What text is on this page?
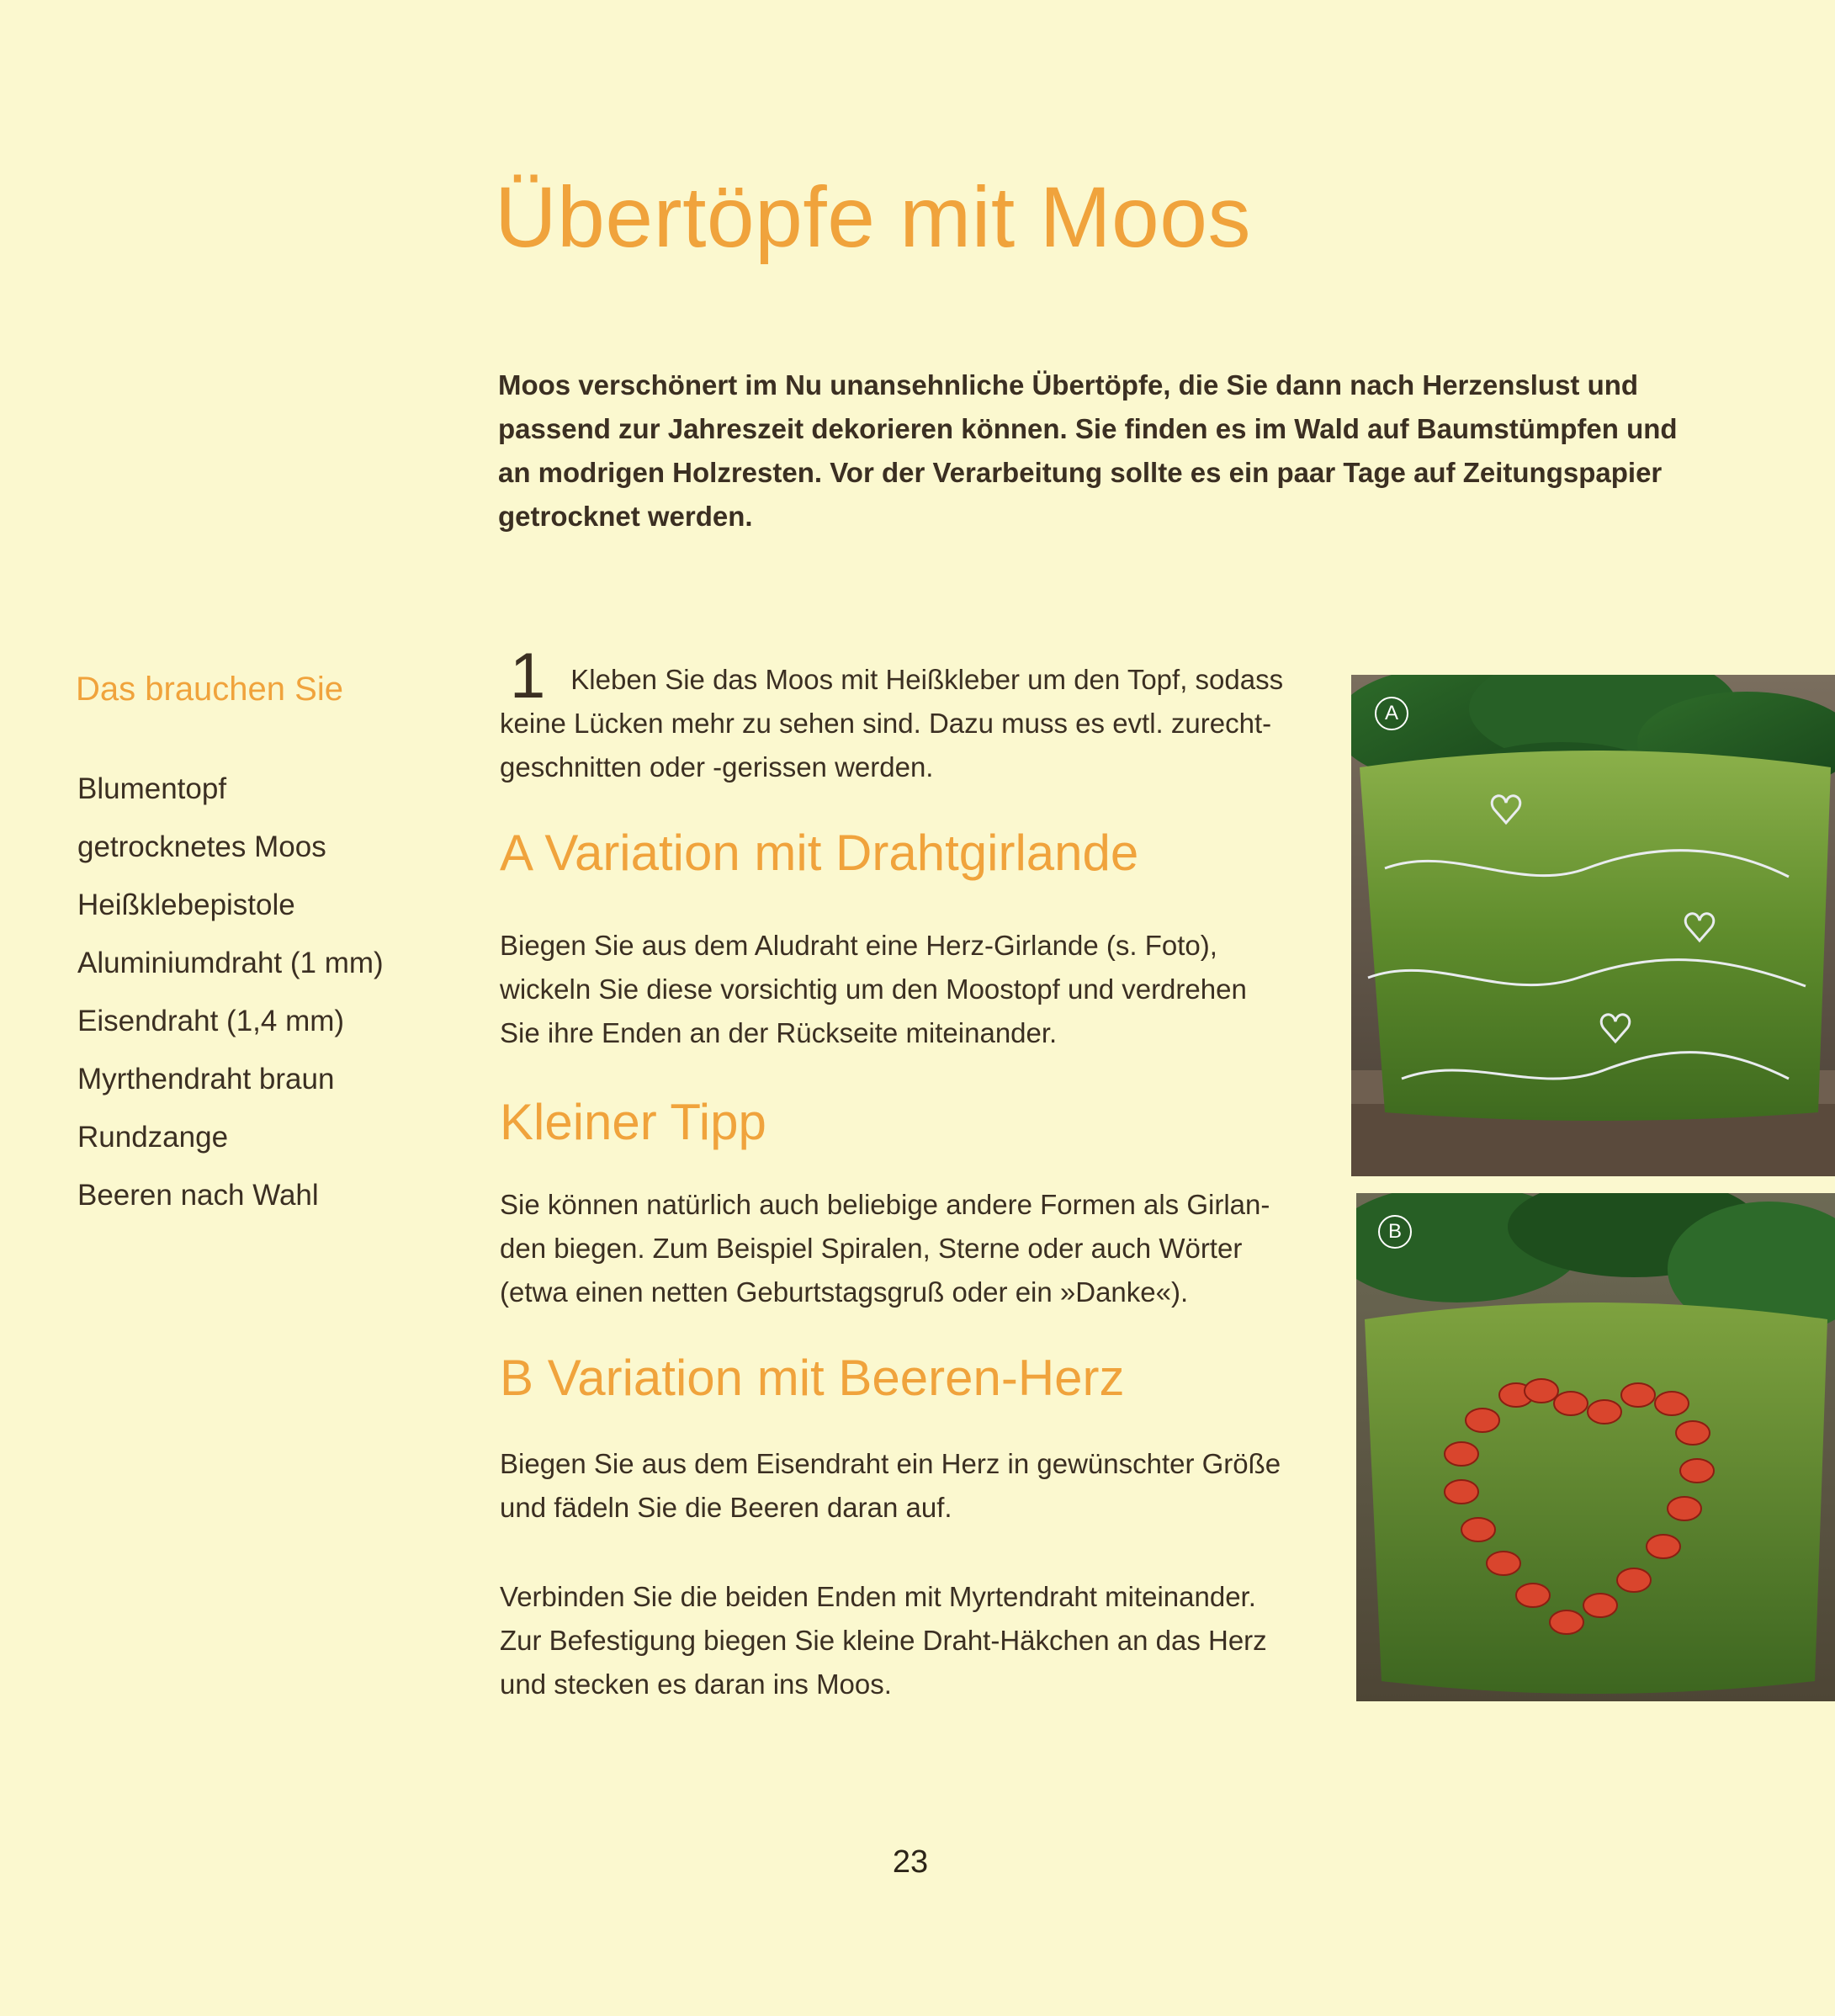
Übertöpfe mit Moos
Moos verschönert im Nu unansehnliche Übertöpfe, die Sie dann nach Herzenslust und passend zur Jahreszeit dekorieren können. Sie finden es im Wald auf Baumstümpfen und an modrigen Holzresten. Vor der Verarbeitung sollte es ein paar Tage auf Zeitungspapier getrocknet werden.
Das brauchen Sie
Blumentopf
getrocknetes Moos
Heißklebepistole
Aluminiumdraht (1 mm)
Eisendraht (1,4 mm)
Myrthendraht braun
Rundzange
Beeren nach Wahl

1 Kleben Sie das Moos mit Heißkleber um den Topf, sodass keine Lücken mehr zu sehen sind. Dazu muss es evtl. zurechtgeschnitten oder -gerissen werden.

A Variation mit Drahtgirlande

Biegen Sie aus dem Aludraht eine Herz-Girlande (s. Foto), wickeln Sie diese vorsichtig um den Moostopf und verdrehen Sie ihre Enden an der Rückseite miteinander.

Kleiner Tipp

Sie können natürlich auch beliebige andere Formen als Girlanden biegen. Zum Beispiel Spiralen, Sterne oder auch Wörter (etwa einen netten Geburtstagsgruß oder ein »Danke«).

B Variation mit Beeren-Herz

Biegen Sie aus dem Eisendraht ein Herz in gewünschter Größe und fädeln Sie die Beeren daran auf.

Verbinden Sie die beiden Enden mit Myrtendraht miteinander. Zur Befestigung biegen Sie kleine Draht-Häkchen an das Herz und stecken es daran ins Moos.

A
B
23
